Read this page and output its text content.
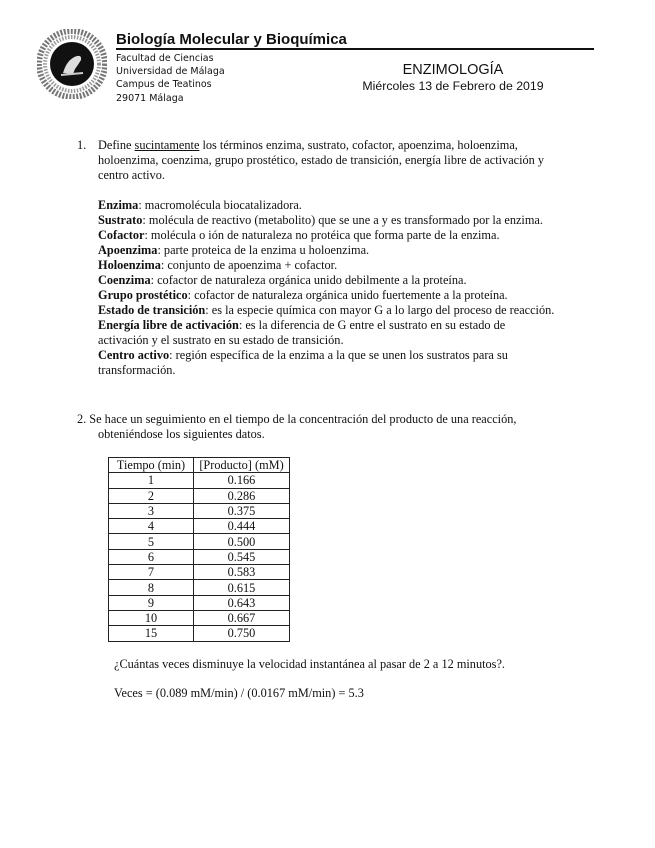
Biología Molecular y Bioquímica
Facultad de Ciencias
Universidad de Málaga
Campus de Teatinos
29071 Málaga
ENZIMOLOGÍA
Miércoles 13 de Febrero de 2019
1. Define sucintamente los términos enzima, sustrato, cofactor, apoenzima, holoenzima, holoenzima, coenzima, grupo prostético, estado de transición, energía libre de activación y centro activo.

Enzima: macromolécula biocatalizadora.

Sustrato: molécula de reactivo (metabolito) que se une a y es transformado por la enzima.

Cofactor: molécula o ión de naturaleza no protéica que forma parte de la enzima.

Apoenzima: parte proteica de la enzima u holoenzima.

Holoenzima: conjunto de apoenzima + cofactor.

Coenzima: cofactor de naturaleza orgánica unido debilmente a la proteína.

Grupo prostético: cofactor de naturaleza orgánica unido fuertemente a la proteína.

Estado de transición: es la especie química con mayor G a lo largo del proceso de reacción.

Energía libre de activación: es la diferencia de G entre el sustrato en su estado de activación y el sustrato en su estado de transición.

Centro activo: región específica de la enzima a la que se unen los sustratos para su transformación.

2. Se hace un seguimiento en el tiempo de la concentración del producto de una reacción,
obteniéndose los siguientes datos.
Tiempo (min)	[Producto] (mM)
1	0.166
2	0.286
3	0.375
4	0.444
5	0.500
6	0.545
7	0.583
8	0.615
9	0.643
10	0.667
15	0.750
¿Cuántas veces disminuye la velocidad instantánea al pasar de 2 a 12 minutos?.
Veces = (0.089 mM/min) / (0.0167 mM/min) = 5.3
